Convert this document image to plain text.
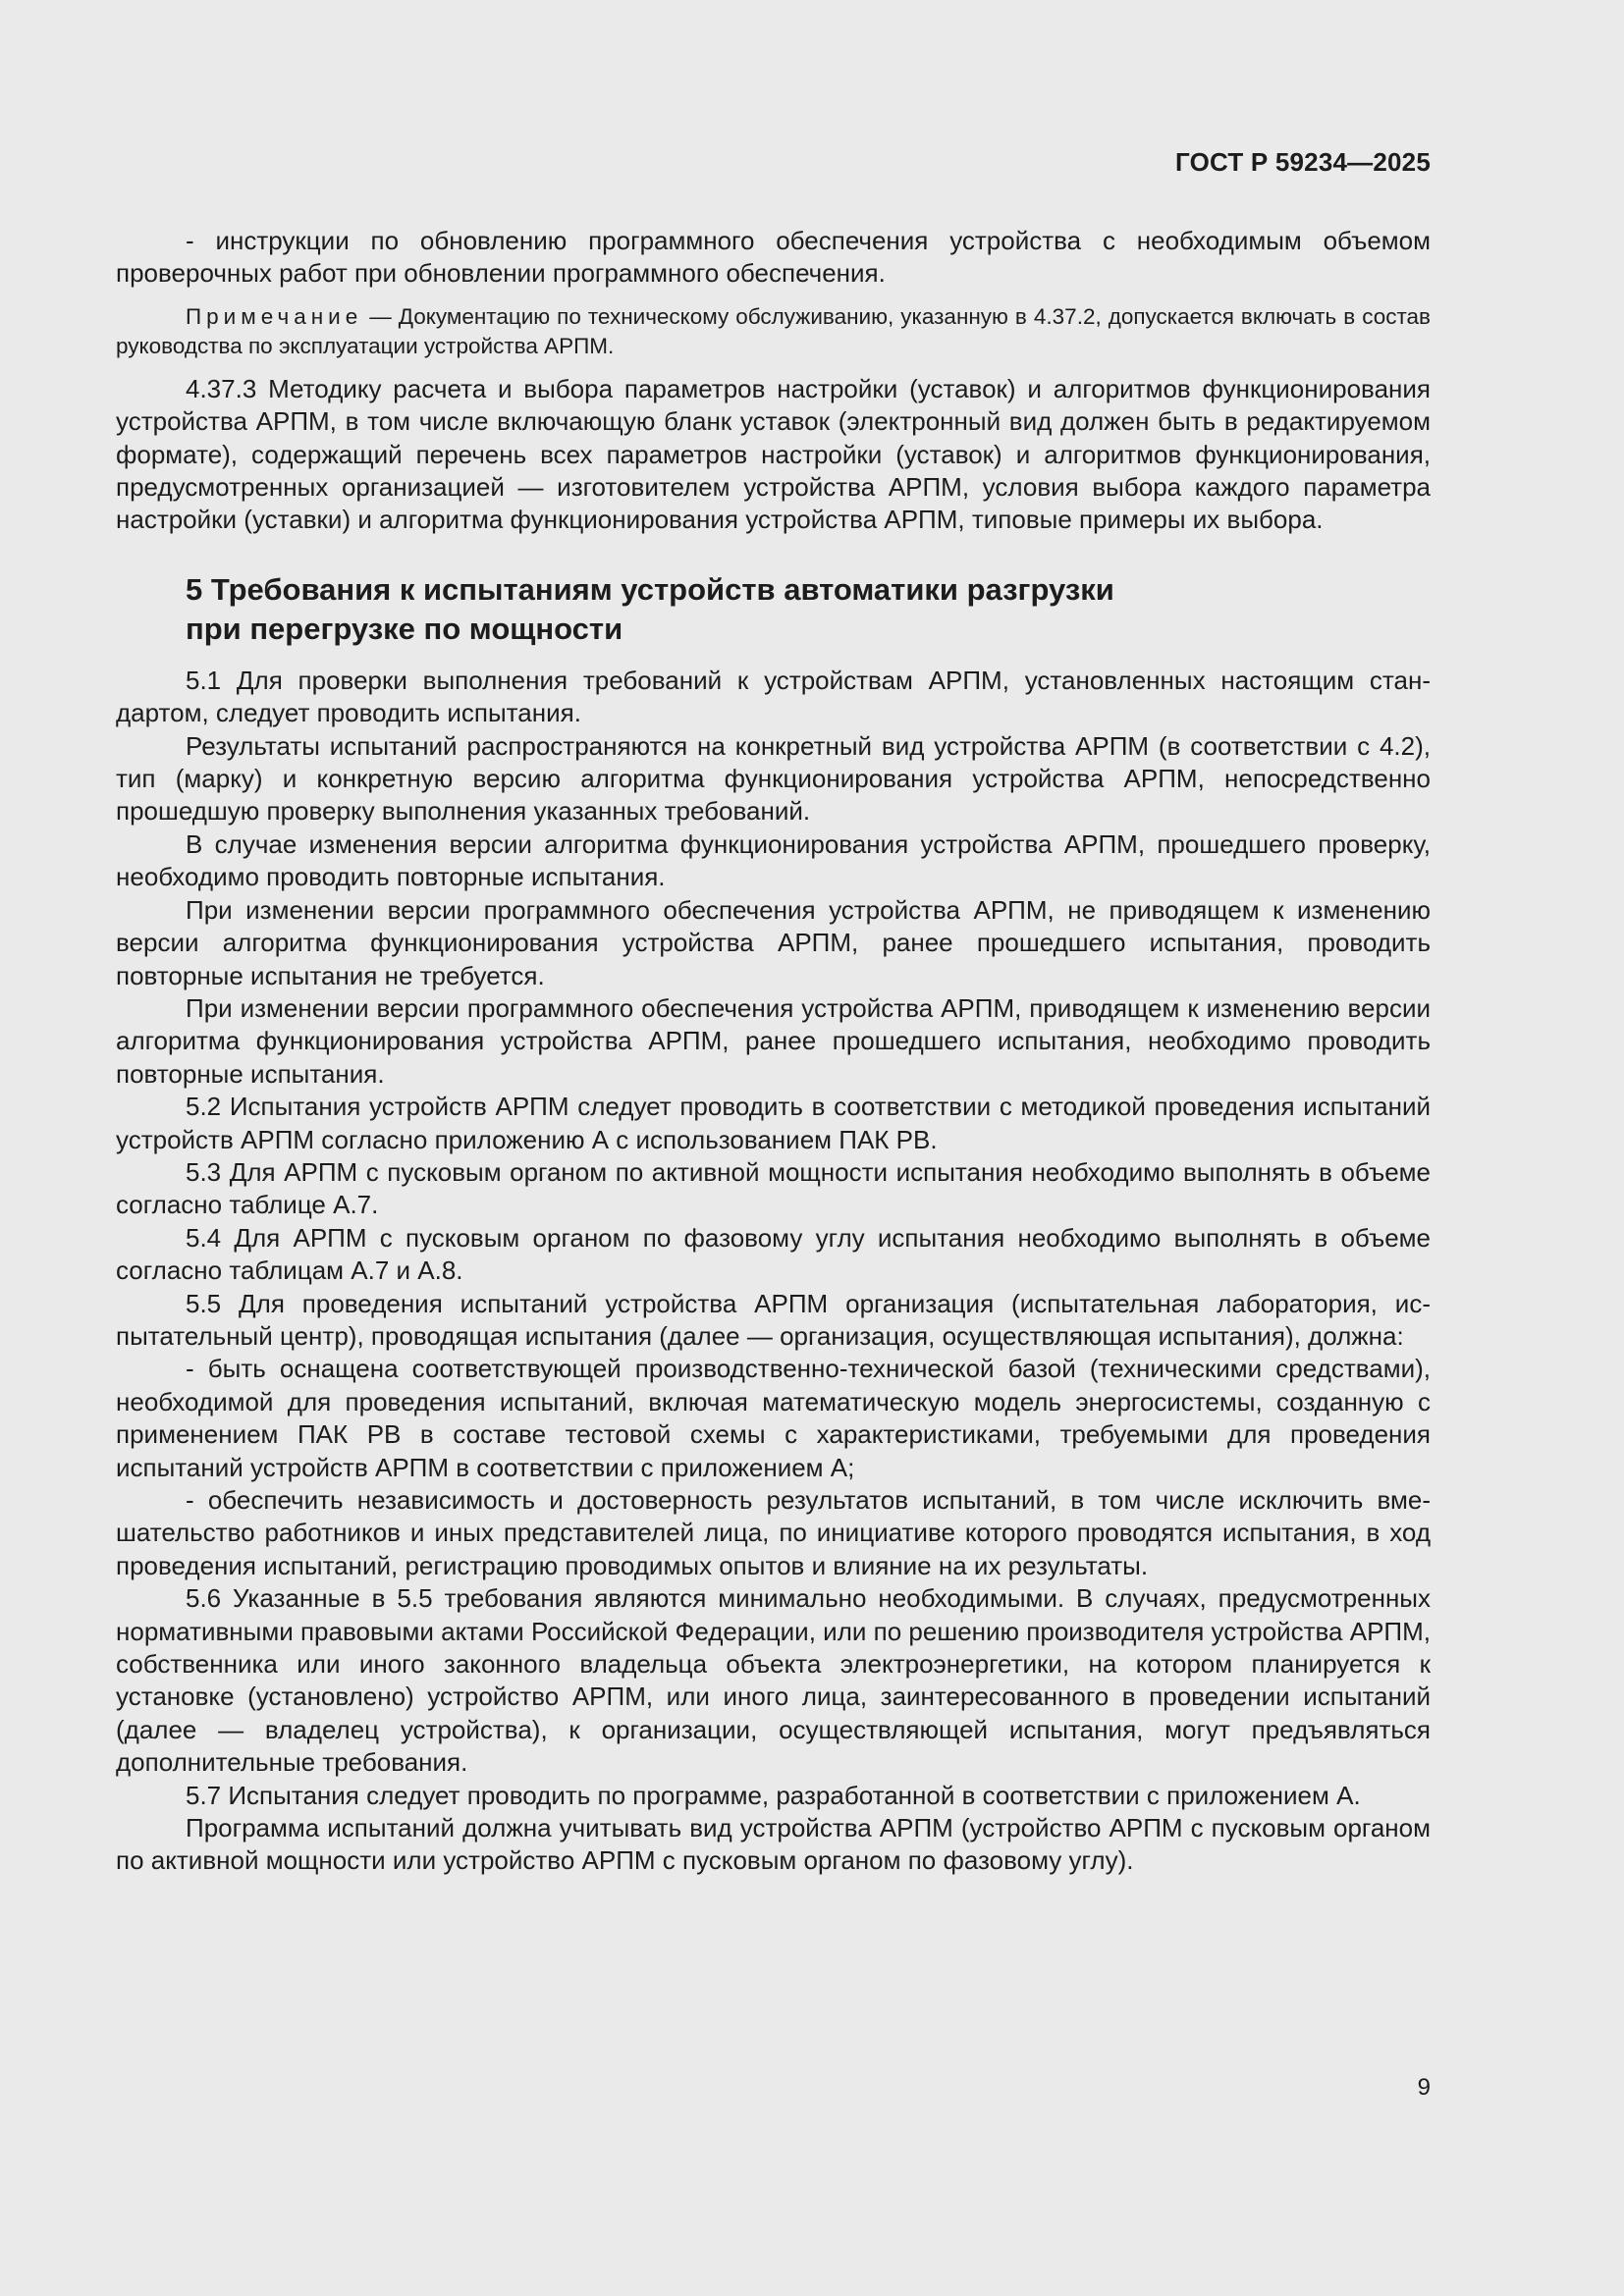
ГОСТ Р 59234—2025

- инструкции по обновлению программного обеспечения устройства с необходимым объемом проверочных работ при обновлении программного обеспечения.

Примечание — Документацию по техническому обслуживанию, указанную в 4.37.2, допускается включать в состав руководства по эксплуатации устройства АРПМ.

4.37.3 Методику расчета и выбора параметров настройки (уставок) и алгоритмов функционирования устройства АРПМ, в том числе включающую бланк уставок (электронный вид должен быть в редактируемом формате), содержащий перечень всех параметров настройки (уставок) и алгоритмов функционирования, предусмотренных организацией — изготовителем устройства АРПМ, условия выбора каждого параметра настройки (уставки) и алгоритма функционирования устройства АРПМ, типовые примеры их выбора.

5 Требования к испытаниям устройств автоматики разгрузки
при перегрузке по мощности

5.1 Для проверки выполнения требований к устройствам АРПМ, установленных настоящим стандартом, следует проводить испытания.

Результаты испытаний распространяются на конкретный вид устройства АРПМ (в соответствии с 4.2), тип (марку) и конкретную версию алгоритма функционирования устройства АРПМ, непосредственно прошедшую проверку выполнения указанных требований.

В случае изменения версии алгоритма функционирования устройства АРПМ, прошедшего проверку, необходимо проводить повторные испытания.

При изменении версии программного обеспечения устройства АРПМ, не приводящем к изменению версии алгоритма функционирования устройства АРПМ, ранее прошедшего испытания, проводить повторные испытания не требуется.

При изменении версии программного обеспечения устройства АРПМ, приводящем к изменению версии алгоритма функционирования устройства АРПМ, ранее прошедшего испытания, необходимо проводить повторные испытания.

5.2 Испытания устройств АРПМ следует проводить в соответствии с методикой проведения испытаний устройств АРПМ согласно приложению А с использованием ПАК РВ.

5.3 Для АРПМ с пусковым органом по активной мощности испытания необходимо выполнять в объеме согласно таблице А.7.

5.4 Для АРПМ с пусковым органом по фазовому углу испытания необходимо выполнять в объеме согласно таблицам А.7 и А.8.

5.5 Для проведения испытаний устройства АРПМ организация (испытательная лаборатория, испытательный центр), проводящая испытания (далее — организация, осуществляющая испытания), должна:

- быть оснащена соответствующей производственно-технической базой (техническими средствами), необходимой для проведения испытаний, включая математическую модель энергосистемы, созданную с применением ПАК РВ в составе тестовой схемы с характеристиками, требуемыми для проведения испытаний устройств АРПМ в соответствии с приложением А;

- обеспечить независимость и достоверность результатов испытаний, в том числе исключить вмешательство работников и иных представителей лица, по инициативе которого проводятся испытания, в ход проведения испытаний, регистрацию проводимых опытов и влияние на их результаты.

5.6 Указанные в 5.5 требования являются минимально необходимыми. В случаях, предусмотренных нормативными правовыми актами Российской Федерации, или по решению производителя устройства АРПМ, собственника или иного законного владельца объекта электроэнергетики, на котором планируется к установке (установлено) устройство АРПМ, или иного лица, заинтересованного в проведении испытаний (далее — владелец устройства), к организации, осуществляющей испытания, могут предъявляться дополнительные требования.

5.7 Испытания следует проводить по программе, разработанной в соответствии с приложением А.

Программа испытаний должна учитывать вид устройства АРПМ (устройство АРПМ с пусковым органом по активной мощности или устройство АРПМ с пусковым органом по фазовому углу).

9
